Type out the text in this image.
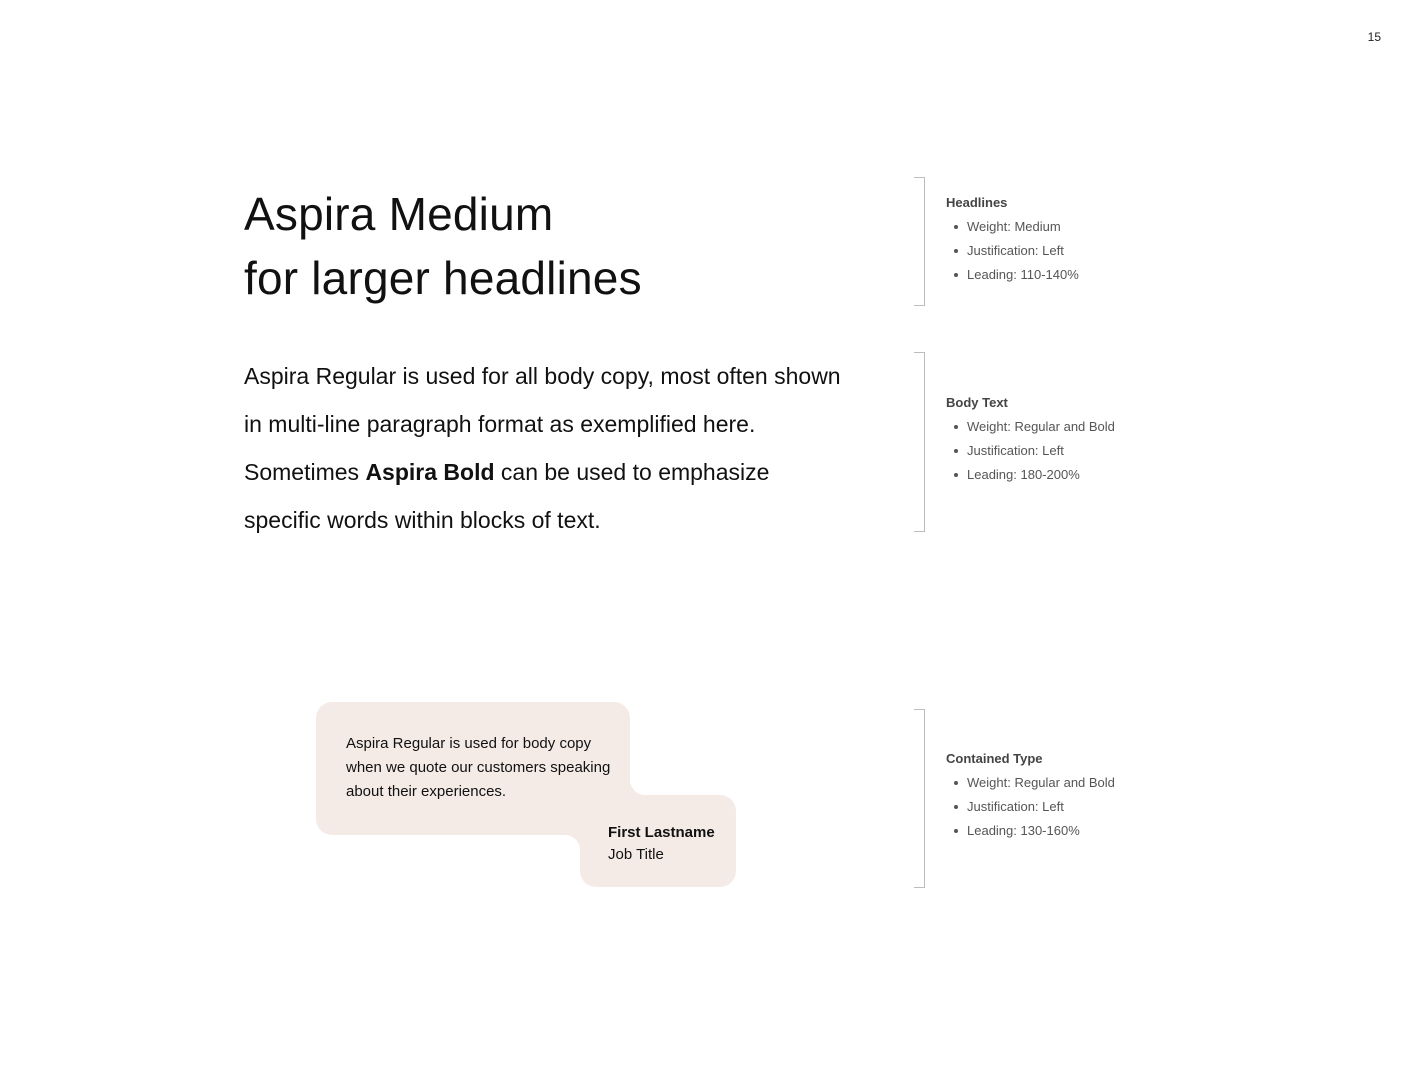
15
Aspira Medium
for larger headlines

Aspira Regular is used for all body copy, most often shown in multi-line paragraph format as exemplified here. Sometimes Aspira Bold can be used to emphasize specific words within blocks of text.

Aspira Regular is used for body copy when we quote our customers speaking about their experiences.

First Lastname
Job Title

Headlines

Weight: Medium
Justification: Left
Leading: 110-140%

Body Text

Weight: Regular and Bold
Justification: Left
Leading: 180-200%

Contained Type

Weight: Regular and Bold
Justification: Left
Leading: 130-160%
